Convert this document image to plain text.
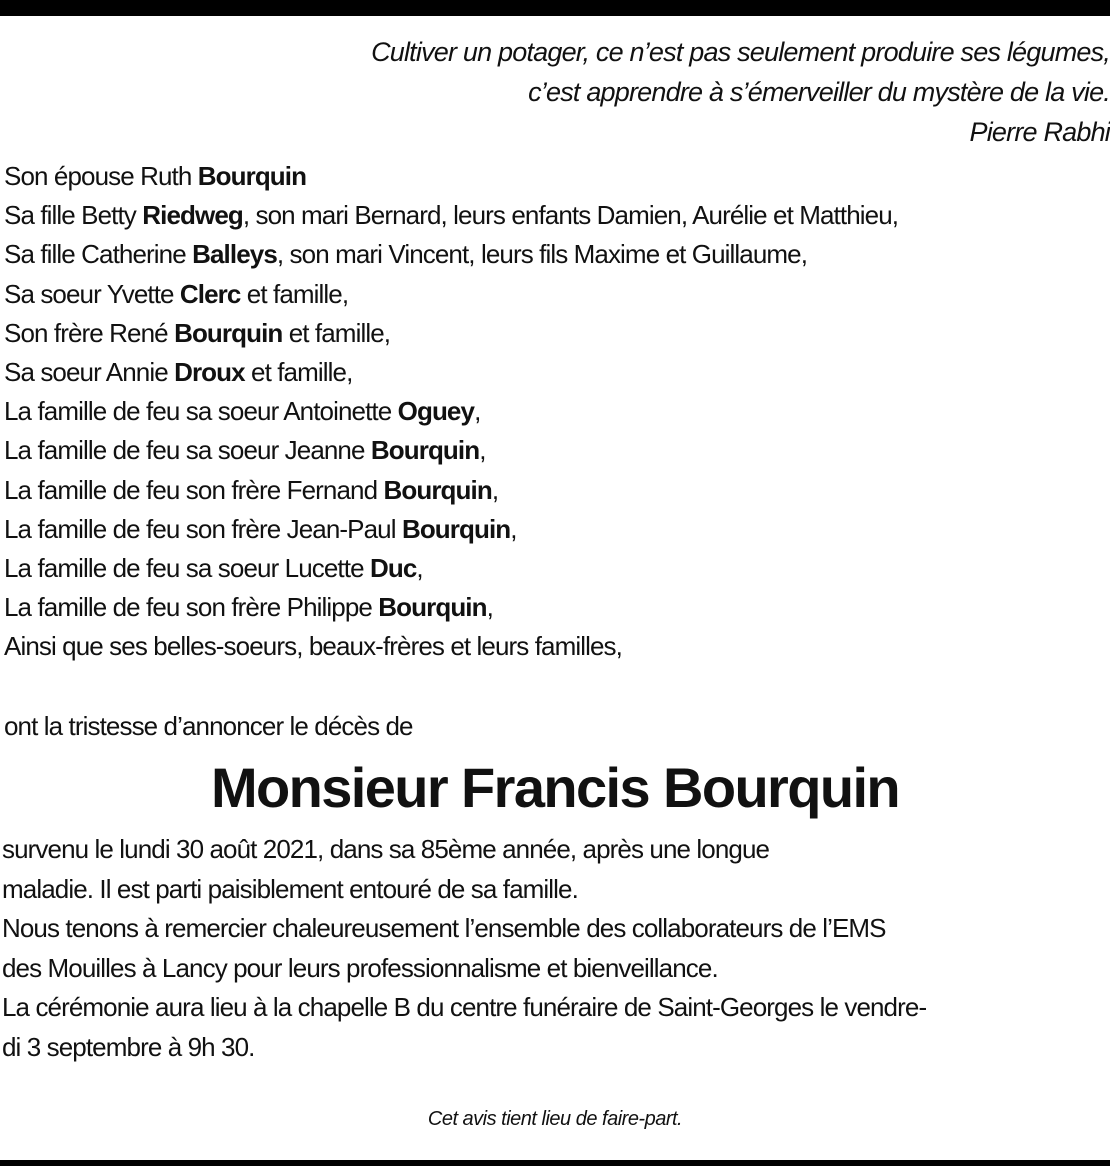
Cultiver un potager, ce n’est pas seulement produire ses légumes,
c’est apprendre à s’émerveiller du mystère de la vie.
Pierre Rabhi
Son épouse Ruth Bourquin
Sa fille Betty Riedweg, son mari Bernard, leurs enfants Damien, Aurélie et Matthieu,
Sa fille Catherine Balleys, son mari Vincent, leurs fils Maxime et Guillaume,
Sa soeur Yvette Clerc et famille,
Son frère René Bourquin et famille,
Sa soeur Annie Droux et famille,
La famille de feu sa soeur Antoinette Oguey,
La famille de feu sa soeur Jeanne Bourquin,
La famille de feu son frère Fernand Bourquin,
La famille de feu son frère Jean-Paul Bourquin,
La famille de feu sa soeur Lucette Duc,
La famille de feu son frère Philippe Bourquin,
Ainsi que ses belles-soeurs, beaux-frères et leurs familles,
ont la tristesse d’annoncer le décès de
Monsieur Francis Bourquin
survenu le lundi 30 août 2021, dans sa 85ème année, après une longue
maladie. Il est parti paisiblement entouré de sa famille.
Nous tenons à remercier chaleureusement l’ensemble des collaborateurs de l’EMS
des Mouilles à Lancy pour leurs professionnalisme et bienveillance.
La cérémonie aura lieu à la chapelle B du centre funéraire de Saint-Georges le vendre-
di 3 septembre à 9h 30.
Cet avis tient lieu de faire-part.
